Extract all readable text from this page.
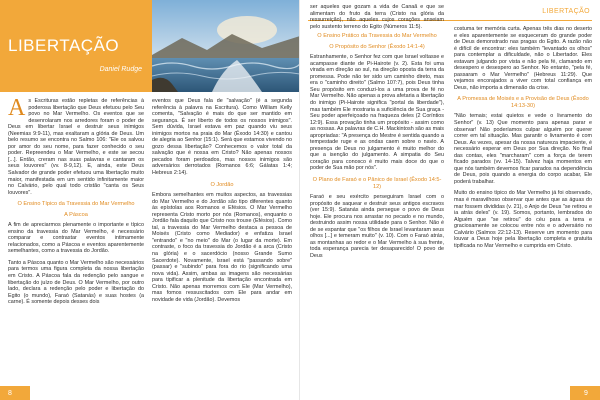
LIBERTAÇÃO
Daniel Rudge

As Escrituras estão repletas de referências à poderosa libertação que Deus efetuou pelo Seu povo no Mar Vermelho. Os eventos que se desenrolaram nos arredores foram o poder de Deus em libertar Israel e destruir seus inimigos (Neemias 9:9-11), mas exaltaram a glória de Deus. Um belo resumo se encontra no Salmo 106: "Ele os salvou por amor do seu nome, para fazer conhecido o seu poder. Repreendeu o Mar Vermelho, e este se secou [...]. Então, creram nas suas palavras e cantaram os seus louvores" (vv. 8-9,12). E, ainda, este Deus Salvador de grande poder efetuou uma libertação muito maior, manifestada em um sentido infinitamente maior no Calvário, pelo qual todo cristão "canta os Seus louvores".

O Ensino Típico da Travessia do Mar Vermelho
A Páscoa

A fim de apreciarmos plenamente o importante e típico ensino da travessia do Mar Vermelho, é necessário comparar e contrastar eventos intimamente relacionados, como a Páscoa e eventos aparentemente semelhantes, como a travessia do Jordão.

Tanto a Páscoa quanto o Mar Vermelho são necessários para termos uma figura completa da nossa libertação em Cristo. A Páscoa fala da redenção pelo sangue e libertação do juízo de Deus. O Mar Vermelho, por outro lado, declara a redenção pelo poder e libertação do Egito (o mundo), Faraó (Satanás) e suas hostes (a carne). É somente depois desses dois

eventos que Deus fala de "salvação" (é a segunda referência à palavra na Escritura). Como William Kelly comenta, "Salvação é mais do que ser mantido em segurança. É ser liberto de todos os nossos inimigos". Sem dúvida, Israel estava em paz quando viu seus inimigos mortos na praia do Mar (Êxodo 14:30) e cantou de alegria ao Senhor (15:1). Será que estamos vivendo no gozo dessa libertação? Conhecemos o valor total da salvação que é nossa em Cristo? Não apenas nossos pecados foram perdoados, mas nossos inimigos são adversários derrotados (Romanos 6:6; Gálatas 1:4; Hebreus 2:14).

O Jordão

Embora semelhantes em muitos aspectos, as travessias do Mar Vermelho e do Jordão são tipo diferentes quanto às epístolas aos Romanos e Efésios. O Mar Vermelho representa Cristo morto por nós (Romanos), enquanto o Jordão fala daquilo que Cristo nos trouxe (Efésios). Como tal, a travessia do Mar Vermelho destaca a pessoa de Moisés (Cristo como Mediador) e enfatiza Israel "entrando" e "no meio" do Mar (o lugar da morte). Em contraste, o foco da travessia do Jordão é a arca (Cristo na glória) e o sacerdócio (nosso Grande Sumo Sacerdote). Novamente, Israel está "passando sobre" (passar) e "subindo" para fora do rio (significando uma nova vida). Assim, ambas as imagens são necessárias para tipificar a plenitude da libertação encontrada em Cristo. Não apenas morremos com Ele (Mar Vermelho), mas fomos ressuscitados com Ele para andar em novidade de vida (Jordão). Devemos

8
LIBERTAÇÃO

ser aqueles que gozam a vida de Canaã e que se alimentam do fruto da terra (Cristo na glória da ressurreição), não aqueles cujos corações anseiam pelo sustento terreno do Egito (Números 11:5).

O Ensino Prático da Travessia do Mar Vermelho
O Propósito do Senhor (Êxodo 14:1-4)

Estranhamente, o Senhor fez com que Israel voltasse e acampasse diante de Pi-Hairote (v. 2). Esta foi uma virada em direção ao sul, na direção oposta da terra da promessa. Pode não ter sido um caminho direto, mas era o "caminho direito" (Salmo 107:7), pois Deus tinha Seu propósito em conduzi-los a uma prova de fé no Mar Vermelho. Não apenas a prova afetaria a libertação do inimigo (Pi-Hairote significa "portal da liberdade"), mas também Ele mostraria a suficiência de Sua graça - Seu poder aperfeiçoado na fraqueza deles (2 Coríntios 12:9). Essa provação tinha um propósito - assim como as nossas. As palavras de C.H. Mackintosh são as mais apropriadas: "A presença do Mestre é sentida quando a tempestade ruge e as ondas caem sobre o navio. A presença de Deus no julgamento é muito melhor do que a isenção do julgamento. A simpatia do Seu coração para conosco é muito mais doce do que o poder de Sua mão por nós".

O Plano de Faraó e o Pânico de Israel (Êxodo 14:5-12)

Faraó e seu exército perseguiram Israel com o propósito de saquear e destruir seus antigos escravos (ver 15:9). Satanás ainda persegue o povo de Deus hoje. Ele procura nos arrastar no pecado e no mundo, destruindo assim nossa utilidade para o Senhor. Não é de se espantar que "os filhos de Israel levantaram seus olhos [...] e temeram muito" (v. 10). Com o Faraó atrás, as montanhas ao redor e o Mar Vermelho à sua frente, toda esperança parecia ter desaparecido! O povo de Deus

costuma ter memória curta. Apenas três dias no deserto e eles aparentemente se esqueceram do grande poder de Deus demonstrado nas pragas do Egito. A razão não é difícil de encontrar: eles também "levantado os olhos" para contemplar a dificuldade, não o Libertador. Eles estavam julgando por vista e não pela fé, clamando em desespero e desespero ao Senhor. No entanto, "pela fé, passaram o Mar Vermelho" (Hebreus 11:29). Que vejamos encorajados a viver com total confiança em Deus, não importa a dimensão da crise.

A Promessa de Moisés e a Provisão de Deus (Êxodo 14:13-30)

"Não temais; estai quietos e vede o livramento do Senhor" (v. 13) Que momento para apenas parar e observar! Não poderíamos culpar alguém por querer correr em tal situação. Mas garantir o livramento é com Deus. As vezes, apesar da nossa natureza impaciente, é necessário esperar em Deus por Sua direção. No final das contas, eles "marcharam" com a força de terem ficado parados (vv. 14-15). Talvez haja momentos em que nós também devemos ficar parados na dependência de Deus, pois quando a energia do corpo acabar, Ele poderá trabalhar.

Muito do ensino típico do Mar Vermelho já foi observado, mas é maravilhoso observar que antes que as águas do mar fossem divididas (v. 21), o Anjo de Deus "se retirou e ia atrás deles" (v. 19). Somos, portanto, lembrados do Alguém que "se retirou" do céu para a terra e graciosamente se colocou entre nós e o adversário no Calvário (Salmos 22:12-13). Reserve um momento para louvar a Deus hoje pela libertação completa e gratuita tipificada no Mar Vermelho e cumprida em Cristo.

9
